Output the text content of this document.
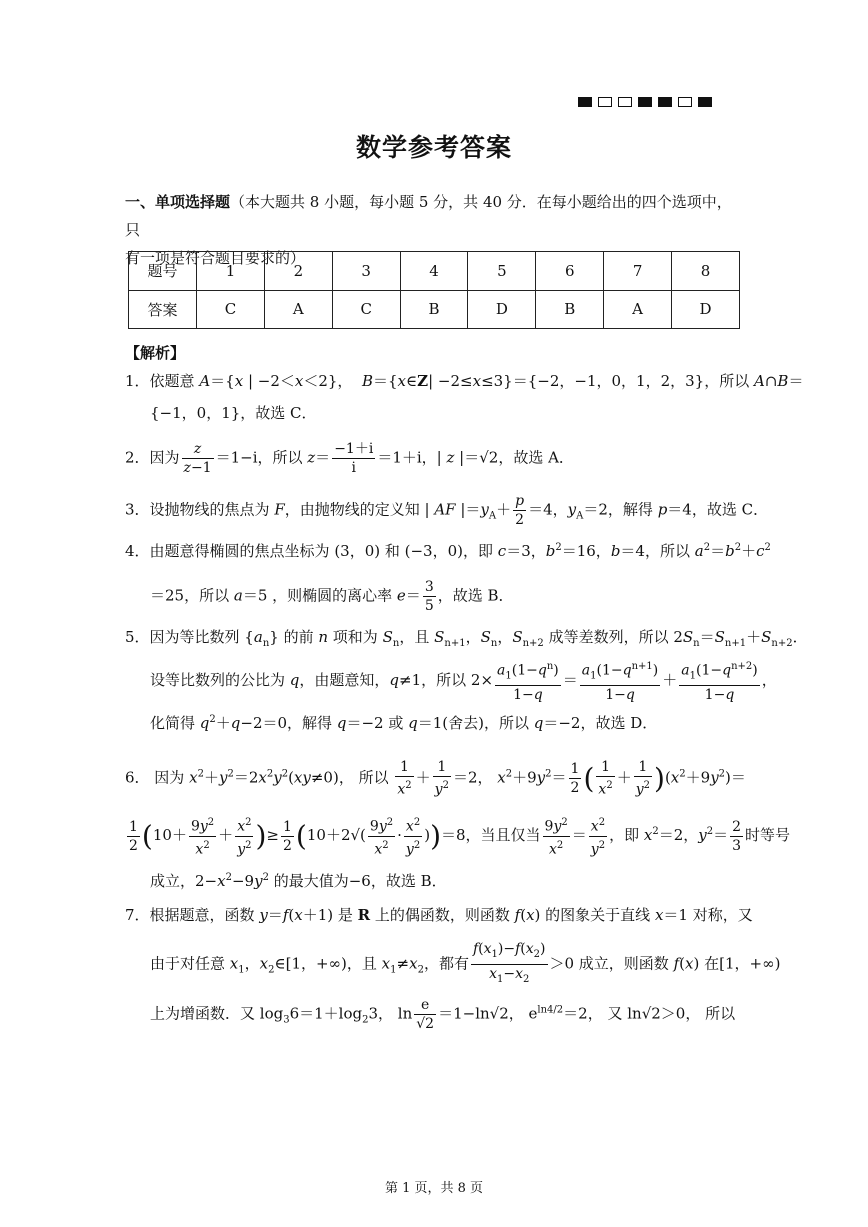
数学参考答案
一、单项选择题（本大题共 8 小题，每小题 5 分，共 40 分．在每小题给出的四个选项中，只
有一项是符合题目要求的）
题号	1	2	3	4	5	6	7	8
答案	C	A	C	B	D	B	A	D
【解析】
1．依题意 A＝{x | −2＜x＜2}，  B＝{x∈Z| −2≤x≤3}＝{−2，−1，0，1，2，3}，所以 A∩B＝
{−1，0，1}，故选 C．
2．因为 $\frac{z}{z-1} =1-i$，所以 $z= \frac{-1+i}{i} =1+i$，| z |＝√2，故选 A．
3．设抛物线的焦点为 F，由抛物线的定义知 | AF $|=y_A+ \frac{p}{2} =4$，$y_A=2$，解得 p＝4，故选 C．
4．由题意得椭圆的焦点坐标为 (3，0) 和 (−3，0)，即 c＝3，$b^2=16$，b＝4，所以 $a^2=b^2+c^2$
＝25，所以 a＝5 ，则椭圆的离心率 $e= \frac{3}{5}$ ，故选 B．
5．因为等比数列 $\{a_n\}$ 的前 n 项和为 $S_n$，且 $S_{n+1}$，$S_n$，$S_{n+2}$ 成等差数列，所以 $2S_n=S_{n+1}+S_{n+2}$．
设等比数列的公比为 q，由题意知，q≠1，所以 $2\times \frac{a_1(1-q^n)}{1-q} = \frac{a_1(1-q^{n+1})}{1-q} + \frac{a_1(1-q^{n+2})}{1-q}$ ，
化简得 $q^2+q-2=0$，解得 q＝−2 或 q＝1(舍去)，所以 q＝−2，故选 D．
6． 因为 $x^2+y^2=2x^2y^2(xy\ne 0)$， 所以 $\frac{1}{x^2} + \frac{1}{y^2} =2$， $x^2+9y^2= \frac{1}{2}$ ( $\frac{1}{x^2} + \frac{1}{y^2} )(x^2+9y^2)=$
$\frac{1}{2} (10+ \frac{9y^2}{x^2} + \frac{x^2}{y^2}$ )≥ $\frac{1}{2} (10+2√( \frac{9y^2}{x^2} \cdot \frac{x^2}{y^2} ))=8$，当且仅当 $\frac{9y^2}{x^2} = \frac{x^2}{y^2}$ ，即 $x^2=2$，$y^2= \frac{2}{3}$ 时等号
成立，$2-x^2-9y^2$ 的最大值为−6，故选 B．
7．根据题意，函数 y＝f(x＋1) 是 R 上的偶函数，则函数 f(x) 的图象关于直线 x＝1 对称，又
由于对任意 $x_1$，$x_2\in[1$，+∞)，且 $x_1\ne x_2$，都有 $\frac{f(x_1)-f(x_2)}{x_1-x_2} >0$ 成立，则函数 f(x) 在[1，+∞)
上为增函数．又 $\log_36=1+\log_23$， $\ln \frac{e}{√2} =1-\ln√2$， $e^{ln4/2}=2$， 又 ln√2＞0， 所以
第 1 页，共 8 页
